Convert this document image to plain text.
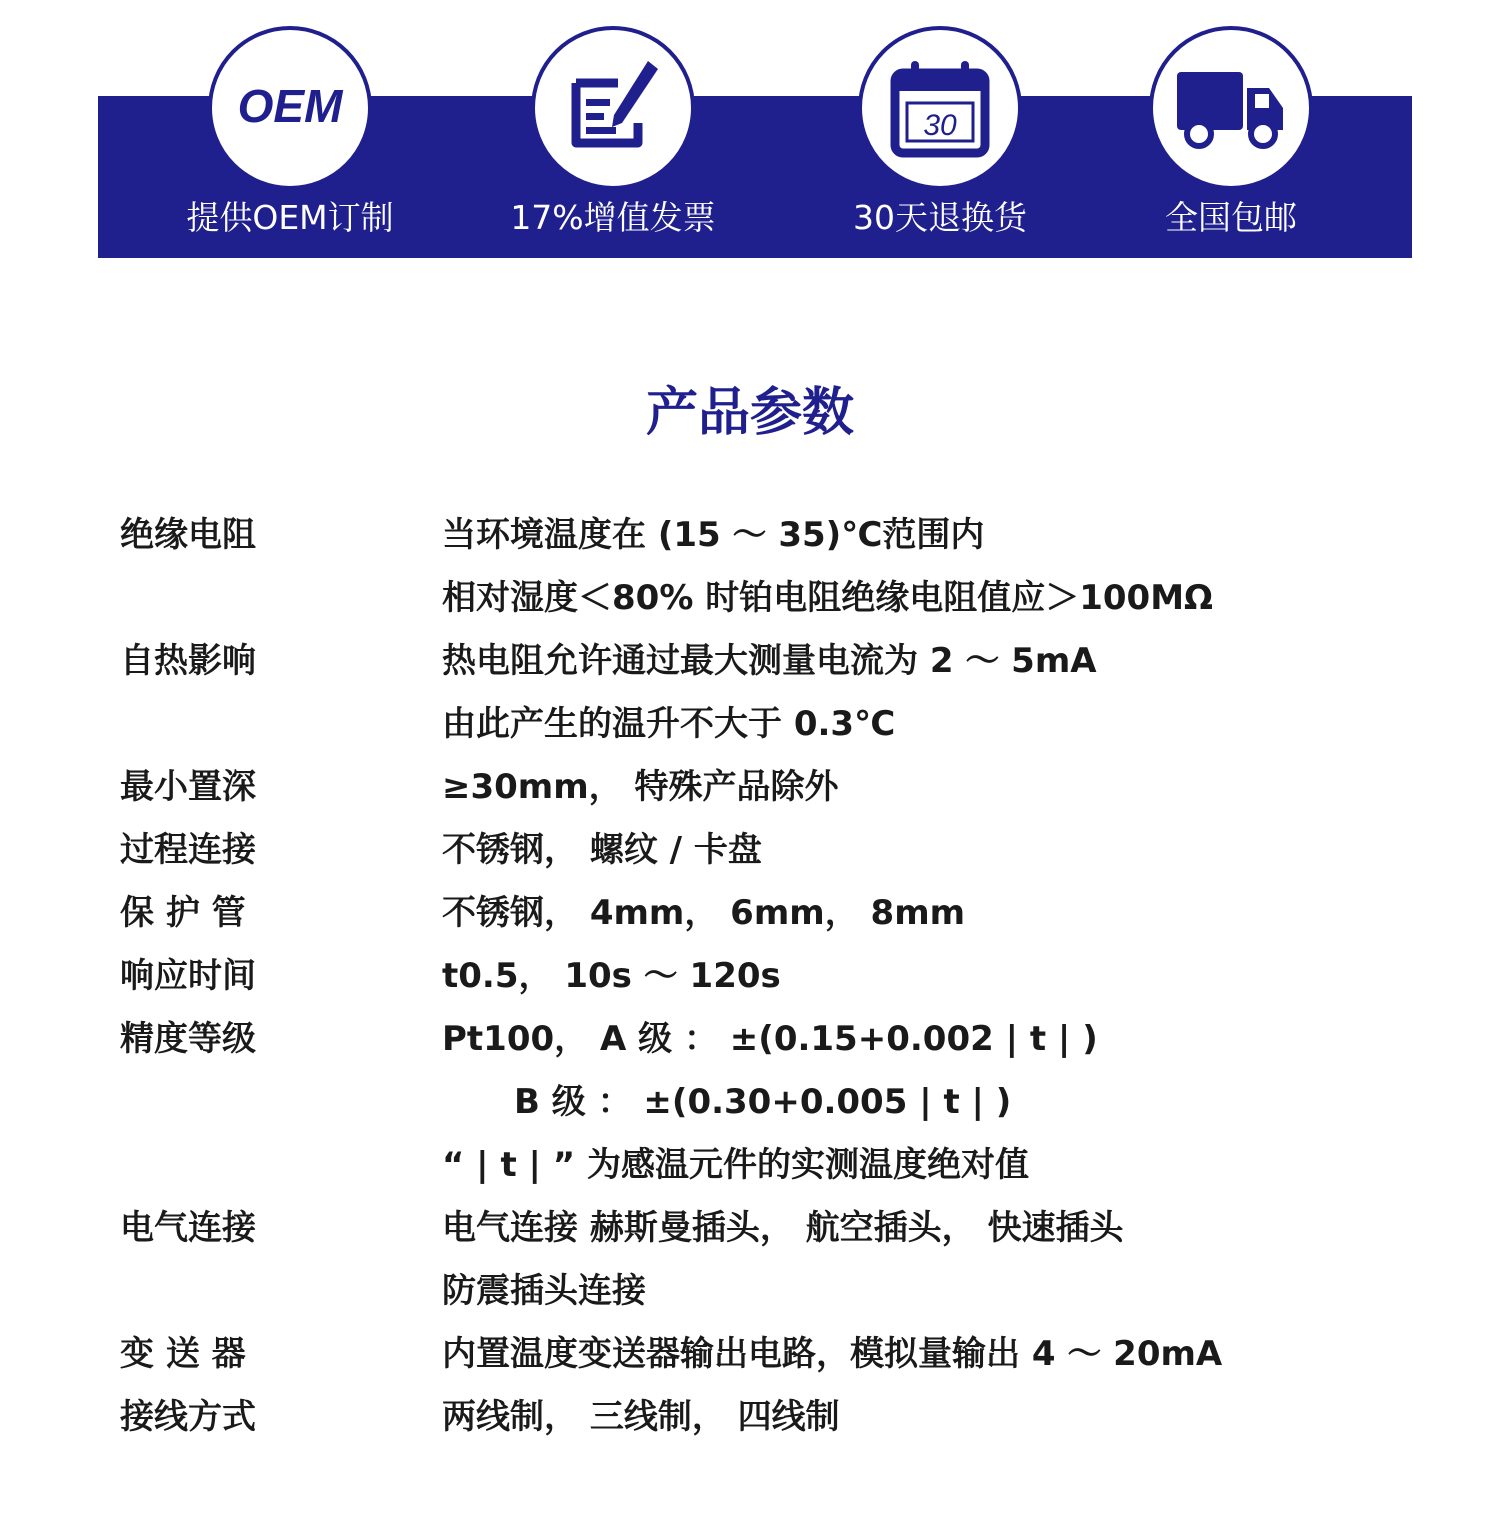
OEM
提供OEM订制	17%增值发票
30
30天退换货	全国包邮
产品参数
绝缘电阻	当环境温度在 (15 ～ 35)℃范围内
相对湿度＜80% 时铂电阻绝缘电阻值应＞100MΩ
自热影响	热电阻允许通过最大测量电流为 2 ～ 5mA
由此产生的温升不大于 0.3℃
最小置深	≥30mm， 特殊产品除外
过程连接	不锈钢， 螺纹 / 卡盘
保 护 管	不锈钢， 4mm， 6mm， 8mm
响应时间	t0.5， 10s ～ 120s
精度等级	Pt100， A 级 ： ±(0.15+0.002 | t | )
B 级 ： ±(0.30+0.005 | t | )
“ | t | ” 为感温元件的实测温度绝对值
电气连接	电气连接 赫斯曼插头， 航空插头， 快速插头
防震插头连接
变 送 器	内置温度变送器输出电路，模拟量输出 4 ～ 20mA
接线方式	两线制， 三线制， 四线制
